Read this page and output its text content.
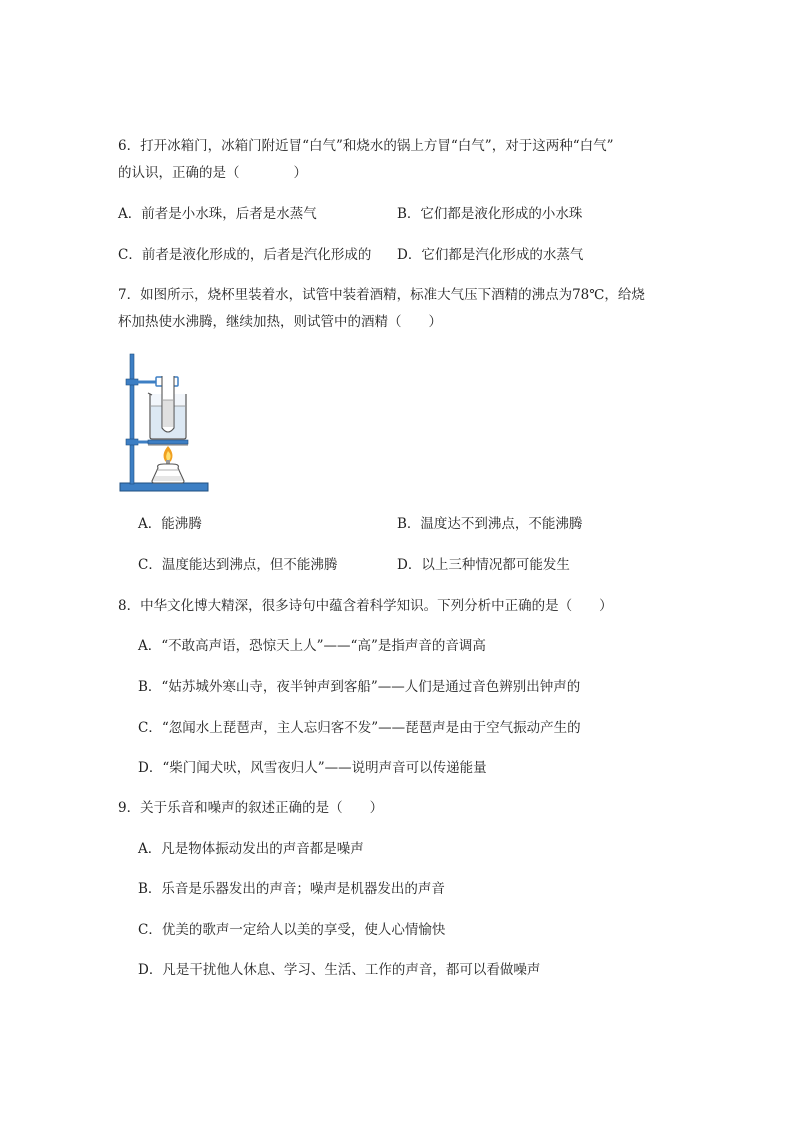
6．打开冰箱门，冰箱门附近冒“白气”和烧水的锅上方冒“白气”，对于这两种“白气”
的认识，正确的是（　　　　）
A．前者是小水珠，后者是水蒸气	B．它们都是液化形成的小水珠
C．前者是液化形成的，后者是汽化形成的 D．它们都是汽化形成的水蒸气
7．如图所示，烧杯里装着水，试管中装着酒精，标准大气压下酒精的沸点为78℃，给烧
杯加热使水沸腾，继续加热，则试管中的酒精（　　）
A．能沸腾	B．温度达不到沸点，不能沸腾
C．温度能达到沸点，但不能沸腾	D．以上三种情况都可能发生
8．中华文化博大精深，很多诗句中蕴含着科学知识。下列分析中正确的是（　　）
A．“不敢高声语，恐惊天上人”——“高”是指声音的音调高
B．“姑苏城外寒山寺，夜半钟声到客船”——人们是通过音色辨别出钟声的
C．“忽闻水上琵琶声，主人忘归客不发”——琵琶声是由于空气振动产生的
D．“柴门闻犬吠，风雪夜归人”——说明声音可以传递能量
9．关于乐音和噪声的叙述正确的是（　　）
A．凡是物体振动发出的声音都是噪声
B．乐音是乐器发出的声音；噪声是机器发出的声音
C．优美的歌声一定给人以美的享受，使人心情愉快
D．凡是干扰他人休息、学习、生活、工作的声音，都可以看做噪声
